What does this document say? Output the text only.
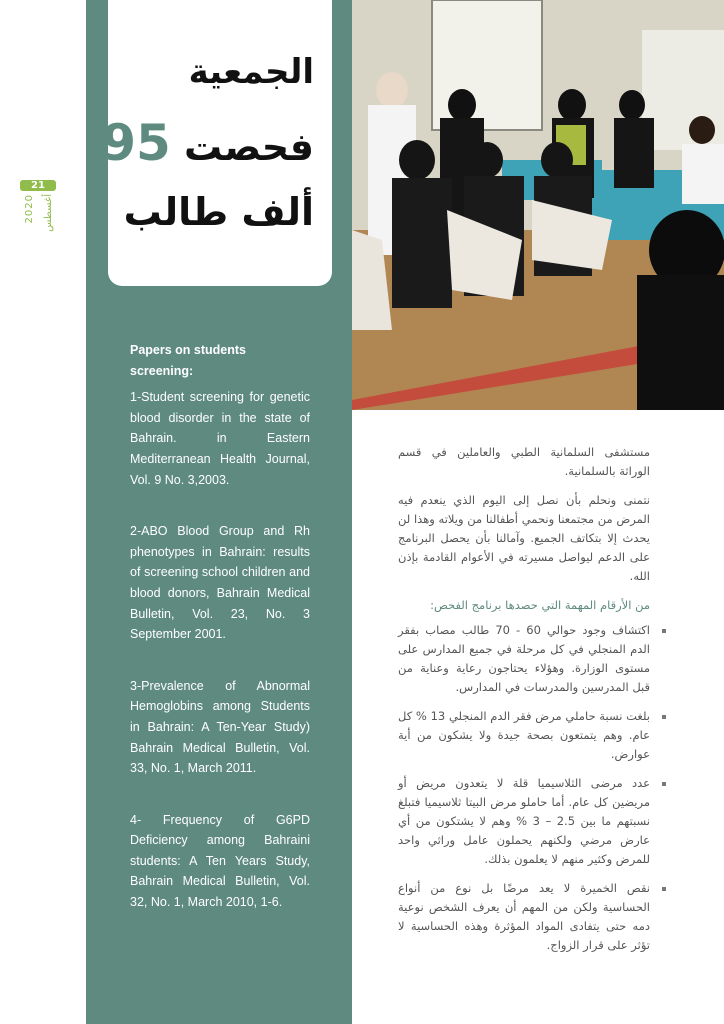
الجمعية
فحصت 95
ألف طالب
21
أغسطس
2020
Papers on students screening:

1-Student screening for genetic blood disorder in the state of Bahrain. in Eastern Mediterranean Health Journal, Vol. 9 No. 3,2003.

2-ABO Blood Group and Rh phenotypes in Bahrain: results of screening school children and blood donors, Bahrain Medical Bulletin, Vol. 23, No. 3 September 2001.

3-Prevalence of Abnormal Hemoglobins among Students in Bahrain: A Ten-Year Study) Bahrain Medical Bulletin, Vol. 33, No. 1, March 2011.

4- Frequency of G6PD Deficiency among Bahraini students: A Ten Years Study, Bahrain Medical Bulletin, Vol. 32, No. 1, March 2010, 1-6.

مستشفى السلمانية الطبي والعاملين في قسم الوراثة بالسلمانية.

نتمنى ونحلم بأن نصل إلى اليوم الذي ينعدم فيه المرض من مجتمعنا ونحمي أطفالنا من ويلاته وهذا لن يحدث إلا بتكاتف الجميع. وآمالنا بأن يحصل البرنامج على الدعم ليواصل مسيرته في الأعوام القادمة بإذن الله.

من الأرقام المهمة التي حصدها برنامج الفحص:

اكتشاف وجود حوالي 60 - 70 طالب مصاب بفقر الدم المنجلي في كل مرحلة في جميع المدارس على مستوى الوزارة. وهؤلاء يحتاجون رعاية وعناية من قبل المدرسين والمدرسات في المدارس.
بلغت نسبة حاملي مرض فقر الدم المنجلي 13 % كل عام. وهم يتمتعون بصحة جيدة ولا يشكون من أية عوارض.
عدد مرضى الثلاسيميا قلة لا يتعدون مريض أو مريضين كل عام. أما حاملو مرض البيتا ثلاسيميا فتبلغ نسبتهم ما بين 2.5 – 3 % وهم لا يشتكون من أي عارض مرضي ولكنهم يحملون عامل وراثي واحد للمرض وكثير منهم لا يعلمون بذلك.
نقص الخميرة لا يعد مرضًا بل نوع من أنواع الحساسية ولكن من المهم أن يعرف الشخص نوعية دمه حتى يتفادى المواد المؤثرة وهذه الحساسية لا تؤثر على قرار الزواج.
